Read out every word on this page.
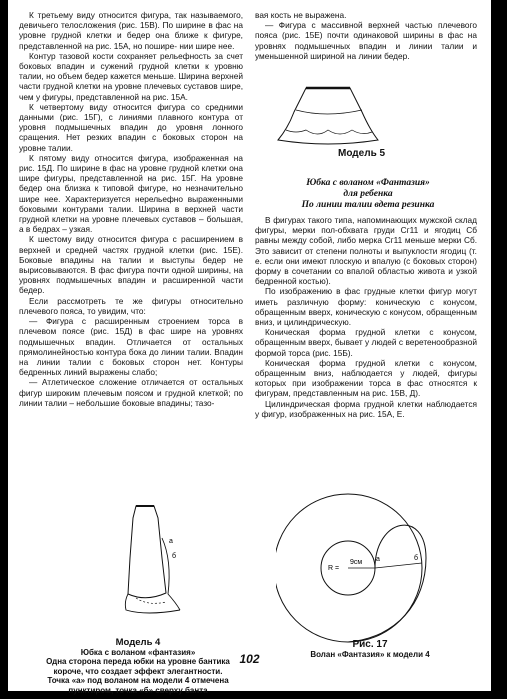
К третьему виду относится фигура, так называемого, девичьего телосложения (рис. 15В). По ширине в фас на уровне грудной клетки и бедер она ближе к фигуре, представленной на рис. 15А, но пошире- нии шире нее.

Контур тазовой кости сохраняет рельефность за счет боковых впадин и сужений грудной клетки к уровню талии, но объем бедер кажется меньше. Ширина верхней части грудной клетки на уровне плечевых суставов шире, чем у фигуры, представленной на рис. 15А.

К четвертому виду относится фигура со средними данными (рис. 15Г), с линиями плавного контура от уровня подмышечных впадин до уровня лонного сращения. Нет резких впадин с боковых сторон на уровне талии.

К пятому виду относится фигура, изображенная на рис. 15Д. По ширине в фас на уровне грудной клетки она шире фигуры, представленной на рис. 15Г. На уровне бедер она близка к типовой фигуре, но незначительно шире нее. Характеризуется нерельефно выраженными боковыми контурами талии. Ширина в верхней части грудной клетки на уровне плечевых суставов – большая, а в бедрах – узкая.

К шестому виду относится фигура с расширением в верхней и средней частях грудной клетки (рис. 15Е). Боковые впадины на талии и выступы бедер не вырисовываются. В фас фигура почти одной ширины, на уровнях подмышечных впадин и расширенной части бедер.

Если рассмотреть те же фигуры относительно плечевого пояса, то увидим, что:

— Фигура с расширенным строением торса в плечевом поясе (рис. 15Д) в фас шире на уровнях подмышечных впадин. Отличается от остальных прямолинейностью контура бока до линии талии. Впадин на линии талии с боковых сторон нет. Контуры бедренных линий выражены слабо;

— Атлетическое сложение отличается от остальных фигур широким плечевым поясом и грудной клеткой; по линии талии – небольшие боковые впадины; тазо-

а
б
Модель 4
Юбка с воланом «фантазия»
Одна сторона переда юбки на уровне бантика
короче, что создает эффект элегантности.
Точка «а» под воланом на модели 4 отмечена
пунктиром, точка «б» сверху банта

вая кость не выражена.

— Фигура с массивной верхней частью плечевого пояса (рис. 15Е) почти одинаковой ширины в фас на уровнях подмышечных впадин и линии талии и уменьшенной шириной на линии бедер.

Модель 5
Юбка с воланом «Фантазия»
для ребенка
По линии талии вдета резинка

В фигурах такого типа, напоминающих мужской склад фигуры, мерки пол-обхвата груди Сг11 и ягодиц Сб равны между собой, либо мерка Сг11 меньше мерки Сб. Это зависит от степени полноты и выпуклости ягодиц (т. е. если они имеют плоскую и впалую (с боковых сторон) форму в сочетании со впалой областью живота и узкой бедренной костью).

По изображению в фас грудные клетки фигур могут иметь различную форму: коническую с конусом, обращенным вверх, коническую с конусом, обращенным вниз, и цилиндрическую.

Коническая форма грудной клетки с конусом, обращенным вверх, бывает у людей с веретенообразной формой торса (рис. 15Б).

Коническая форма грудной клетки с конусом, обращенным вниз, наблюдается у людей, фигуры которых при изображении торса в фас относятся к фигурам, представленным на рис. 15В, Д).

Цилиндрическая форма грудной клетки наблюдается у фигур, изображенных на рис. 15А, Е.

R =
9см а	б
Рис. 17
Волан «Фантазия» к модели 4
102
